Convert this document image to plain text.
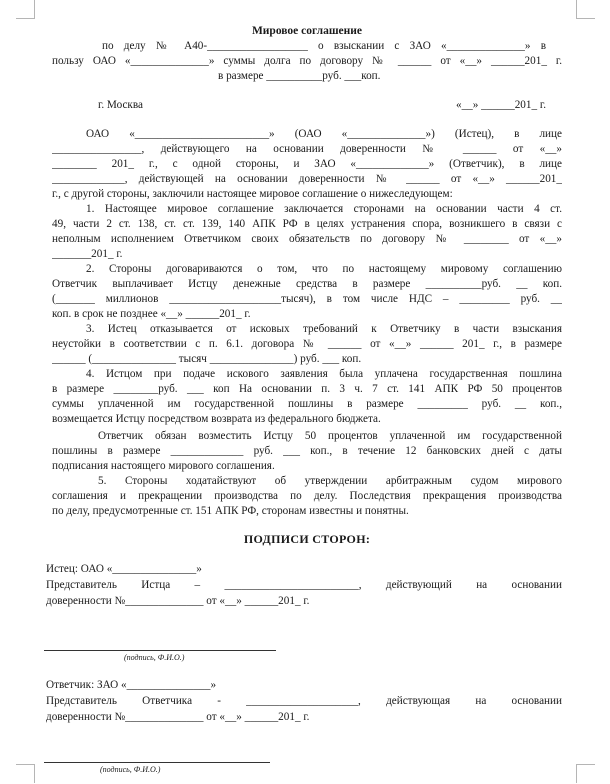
Мировое соглашение
по делу № А40-__________________ о взыскании с ЗАО «______________» в
пользу ОАО «______________» суммы долга по договору № ______ от «__» ______201_ г.
в размере __________руб. ___коп.
г. Москва	«__» ______201_ г.
ОАО «________________________» (ОАО «______________») (Истец), в лице
________________, действующего на основании доверенности № ______ от «__»
________ 201_ г., с одной стороны, и ЗАО «_____________» (Ответчик), в лице
_____________, действующей на основании доверенности № ______ от «__» ______201_
г., с другой стороны, заключили настоящее мировое соглашение о нижеследующем:
1. Настоящее мировое соглашение заключается сторонами на основании части 4 ст.
49, части 2 ст. 138, ст. ст. 139, 140 АПК РФ в целях устранения спора, возникшего в связи с
неполным исполнением Ответчиком своих обязательств по договору № ________ от «__»
_______201_ г.
2. Стороны договариваются о том, что по настоящему мировому соглашению
Ответчик выплачивает Истцу денежные средства в размере __________руб. __ коп.
(_______ миллионов ____________________тысяч), в том числе НДС – _________ руб. __
коп. в срок не позднее «__» ______201_ г.
3. Истец отказывается от исковых требований к Ответчику в части взыскания
неустойки в соответствии с п. 6.1. договора № ______ от «__» ______ 201_ г., в размере
______ (_______________ тысяч _______________) руб. ___ коп.
4. Истцом при подаче искового заявления была уплачена государственная пошлина
в размере ________руб. ___ коп На основании п. 3 ч. 7 ст. 141 АПК РФ 50 процентов
суммы уплаченной им государственной пошлины в размере _________ руб. __ коп.,
возмещается Истцу посредством возврата из федерального бюджета.
Ответчик обязан возместить Истцу 50 процентов уплаченной им государственной
пошлины в размере _____________ руб. ___ коп., в течение 12 банковских дней с даты
подписания настоящего мирового соглашения.
5. Стороны ходатайствуют об утверждении арбитражным судом мирового
соглашения и прекращении производства по делу. Последствия прекращения производства
по делу, предусмотренные ст. 151 АПК РФ, сторонам известны и понятны.
ПОДПИСИ СТОРОН:
Истец: ОАО «_______________»
Представитель Истца – ________________________, действующий на основании
доверенности №______________ от «__» ______201_ г.
(подпись, Ф.И.О.)
Ответчик: ЗАО «_______________»
Представитель Ответчика - ____________________, действующая на основании
доверенности №______________ от «__» ______201_ г.
(подпись, Ф.И.О.)
